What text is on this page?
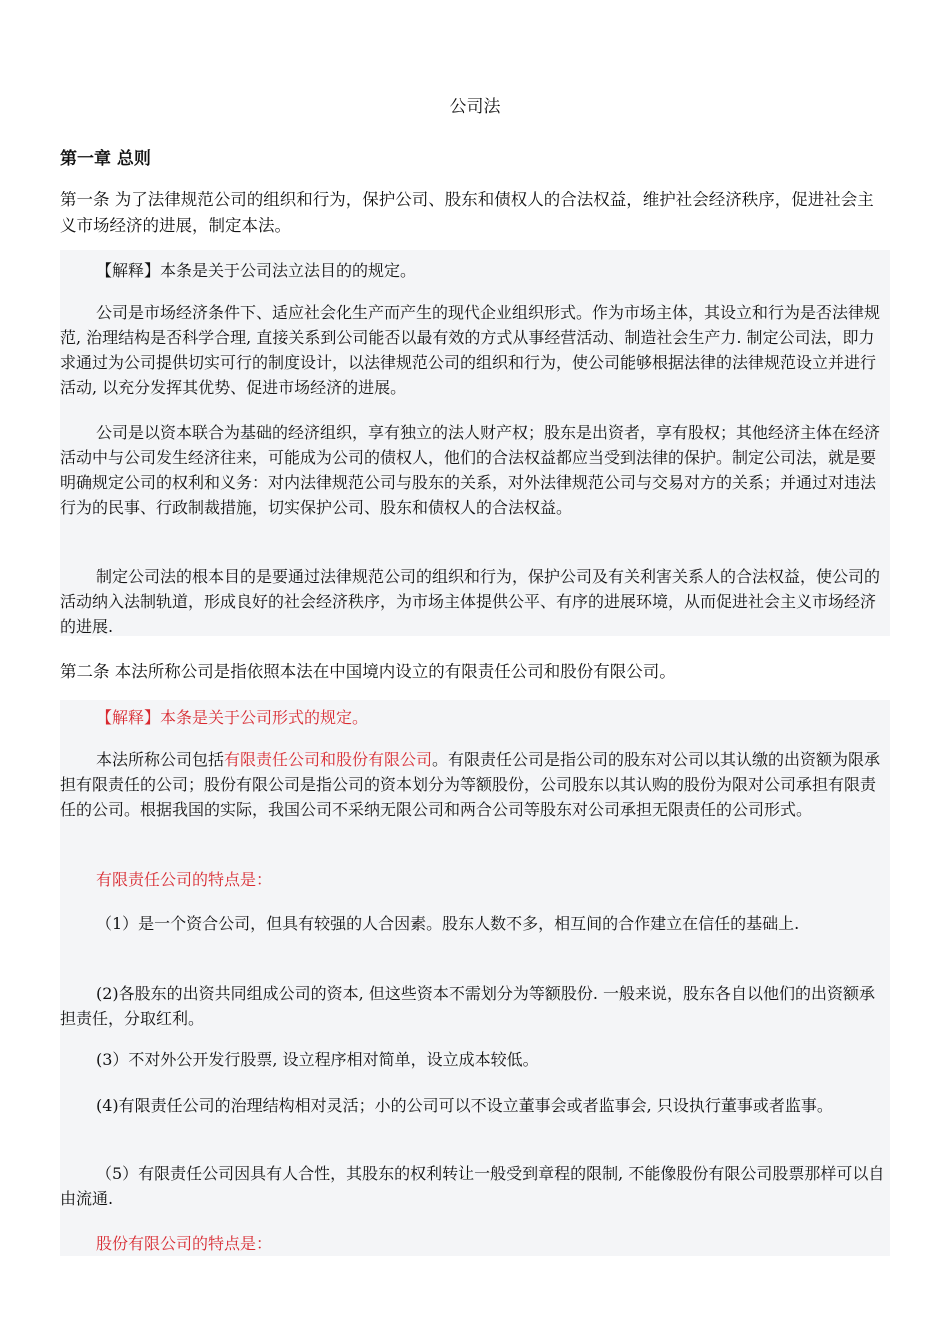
公司法
第一章 总则

第一条 为了法律规范公司的组织和行为，保护公司、股东和债权人的合法权益，维护社会经济秩序，促进社会主义市场经济的进展，制定本法。

【解释】本条是关于公司法立法目的的规定。

公司是市场经济条件下、适应社会化生产而产生的现代企业组织形式。作为市场主体，其设立和行为是否法律规范, 治理结构是否科学合理, 直接关系到公司能否以最有效的方式从事经营活动、制造社会生产力. 制定公司法，即力求通过为公司提供切实可行的制度设计，以法律规范公司的组织和行为，使公司能够根据法律的法律规范设立并进行活动, 以充分发挥其优势、促进市场经济的进展。

公司是以资本联合为基础的经济组织，享有独立的法人财产权；股东是出资者，享有股权；其他经济主体在经济活动中与公司发生经济往来，可能成为公司的债权人，他们的合法权益都应当受到法律的保护。制定公司法，就是要明确规定公司的权利和义务：对内法律规范公司与股东的关系，对外法律规范公司与交易对方的关系；并通过对违法行为的民事、行政制裁措施，切实保护公司、股东和债权人的合法权益。

制定公司法的根本目的是要通过法律规范公司的组织和行为，保护公司及有关利害关系人的合法权益，使公司的活动纳入法制轨道，形成良好的社会经济秩序，为市场主体提供公平、有序的进展环境，从而促进社会主义市场经济的进展.

第二条 本法所称公司是指依照本法在中国境内设立的有限责任公司和股份有限公司。

【解释】本条是关于公司形式的规定。

本法所称公司包括有限责任公司和股份有限公司。有限责任公司是指公司的股东对公司以其认缴的出资额为限承担有限责任的公司；股份有限公司是指公司的资本划分为等额股份，公司股东以其认购的股份为限对公司承担有限责任的公司。根据我国的实际，我国公司不采纳无限公司和两合公司等股东对公司承担无限责任的公司形式。

有限责任公司的特点是：

（1）是一个资合公司，但具有较强的人合因素。股东人数不多，相互间的合作建立在信任的基础上.

(2)各股东的出资共同组成公司的资本, 但这些资本不需划分为等额股份. 一般来说，股东各自以他们的出资额承担责任，分取红利。

(3）不对外公开发行股票, 设立程序相对简单，设立成本较低。

(4)有限责任公司的治理结构相对灵活；小的公司可以不设立董事会或者监事会, 只设执行董事或者监事。

（5）有限责任公司因具有人合性，其股东的权利转让一般受到章程的限制, 不能像股份有限公司股票那样可以自由流通.

股份有限公司的特点是：
